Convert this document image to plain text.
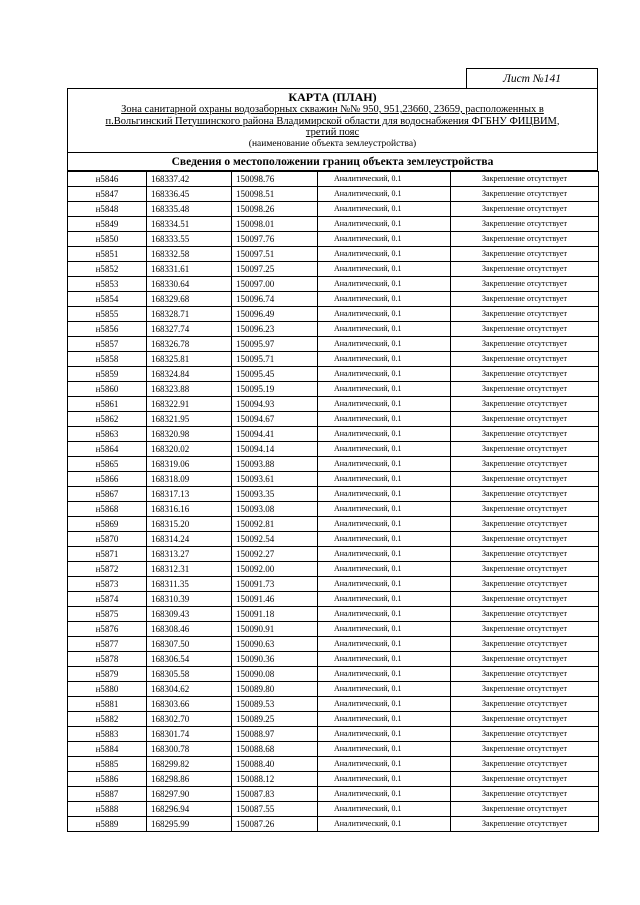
Лист №141
КАРТА (ПЛАН)
Зона санитарной охраны водозаборных скважин №№ 950, 951,23660, 23659, расположенных в
п.Вольгинский Петушинского района Владимирской области для водоснабжения ФГБНУ ФИЦВИМ,
третий пояс
(наименование объекта землеустройства)
Сведения о местоположении границ объекта землеустройства
н5846	168337.42	150098.76	Аналитический, 0.1	Закрепление отсутствует
н5847	168336.45	150098.51	Аналитический, 0.1	Закрепление отсутствует
н5848	168335.48	150098.26	Аналитический, 0.1	Закрепление отсутствует
н5849	168334.51	150098.01	Аналитический, 0.1	Закрепление отсутствует
н5850	168333.55	150097.76	Аналитический, 0.1	Закрепление отсутствует
н5851	168332.58	150097.51	Аналитический, 0.1	Закрепление отсутствует
н5852	168331.61	150097.25	Аналитический, 0.1	Закрепление отсутствует
н5853	168330.64	150097.00	Аналитический, 0.1	Закрепление отсутствует
н5854	168329.68	150096.74	Аналитический, 0.1	Закрепление отсутствует
н5855	168328.71	150096.49	Аналитический, 0.1	Закрепление отсутствует
н5856	168327.74	150096.23	Аналитический, 0.1	Закрепление отсутствует
н5857	168326.78	150095.97	Аналитический, 0.1	Закрепление отсутствует
н5858	168325.81	150095.71	Аналитический, 0.1	Закрепление отсутствует
н5859	168324.84	150095.45	Аналитический, 0.1	Закрепление отсутствует
н5860	168323.88	150095.19	Аналитический, 0.1	Закрепление отсутствует
н5861	168322.91	150094.93	Аналитический, 0.1	Закрепление отсутствует
н5862	168321.95	150094.67	Аналитический, 0.1	Закрепление отсутствует
н5863	168320.98	150094.41	Аналитический, 0.1	Закрепление отсутствует
н5864	168320.02	150094.14	Аналитический, 0.1	Закрепление отсутствует
н5865	168319.06	150093.88	Аналитический, 0.1	Закрепление отсутствует
н5866	168318.09	150093.61	Аналитический, 0.1	Закрепление отсутствует
н5867	168317.13	150093.35	Аналитический, 0.1	Закрепление отсутствует
н5868	168316.16	150093.08	Аналитический, 0.1	Закрепление отсутствует
н5869	168315.20	150092.81	Аналитический, 0.1	Закрепление отсутствует
н5870	168314.24	150092.54	Аналитический, 0.1	Закрепление отсутствует
н5871	168313.27	150092.27	Аналитический, 0.1	Закрепление отсутствует
н5872	168312.31	150092.00	Аналитический, 0.1	Закрепление отсутствует
н5873	168311.35	150091.73	Аналитический, 0.1	Закрепление отсутствует
н5874	168310.39	150091.46	Аналитический, 0.1	Закрепление отсутствует
н5875	168309.43	150091.18	Аналитический, 0.1	Закрепление отсутствует
н5876	168308.46	150090.91	Аналитический, 0.1	Закрепление отсутствует
н5877	168307.50	150090.63	Аналитический, 0.1	Закрепление отсутствует
н5878	168306.54	150090.36	Аналитический, 0.1	Закрепление отсутствует
н5879	168305.58	150090.08	Аналитический, 0.1	Закрепление отсутствует
н5880	168304.62	150089.80	Аналитический, 0.1	Закрепление отсутствует
н5881	168303.66	150089.53	Аналитический, 0.1	Закрепление отсутствует
н5882	168302.70	150089.25	Аналитический, 0.1	Закрепление отсутствует
н5883	168301.74	150088.97	Аналитический, 0.1	Закрепление отсутствует
н5884	168300.78	150088.68	Аналитический, 0.1	Закрепление отсутствует
н5885	168299.82	150088.40	Аналитический, 0.1	Закрепление отсутствует
н5886	168298.86	150088.12	Аналитический, 0.1	Закрепление отсутствует
н5887	168297.90	150087.83	Аналитический, 0.1	Закрепление отсутствует
н5888	168296.94	150087.55	Аналитический, 0.1	Закрепление отсутствует
н5889	168295.99	150087.26	Аналитический, 0.1	Закрепление отсутствует
